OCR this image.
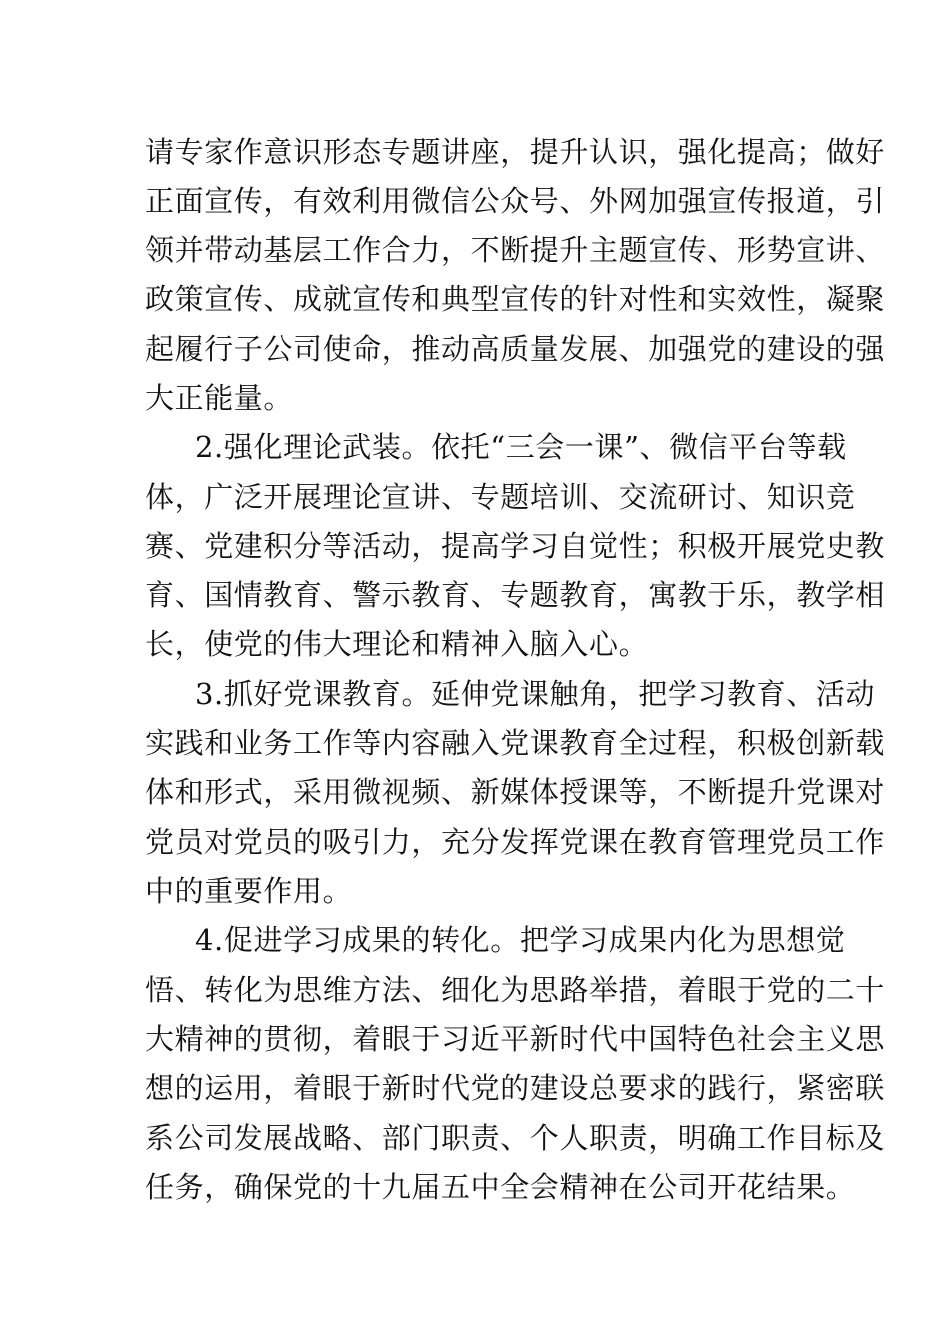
请专家作意识形态专题讲座，提升认识，强化提高；做好
正面宣传，有效利用微信公众号、外网加强宣传报道，引
领并带动基层工作合力，不断提升主题宣传、形势宣讲、
政策宣传、成就宣传和典型宣传的针对性和实效性，凝聚
起履行子公司使命，推动高质量发展、加强党的建设的强
大正能量。
2.强化理论武装。依托“三会一课”、微信平台等载
体，广泛开展理论宣讲、专题培训、交流研讨、知识竞
赛、党建积分等活动，提高学习自觉性；积极开展党史教
育、国情教育、警示教育、专题教育，寓教于乐，教学相
长，使党的伟大理论和精神入脑入心。
3.抓好党课教育。延伸党课触角，把学习教育、活动
实践和业务工作等内容融入党课教育全过程，积极创新载
体和形式，采用微视频、新媒体授课等，不断提升党课对
党员对党员的吸引力，充分发挥党课在教育管理党员工作
中的重要作用。
4.促进学习成果的转化。把学习成果内化为思想觉
悟、转化为思维方法、细化为思路举措，着眼于党的二十
大精神的贯彻，着眼于习近平新时代中国特色社会主义思
想的运用，着眼于新时代党的建设总要求的践行，紧密联
系公司发展战略、部门职责、个人职责，明确工作目标及
任务，确保党的十九届五中全会精神在公司开花结果。
